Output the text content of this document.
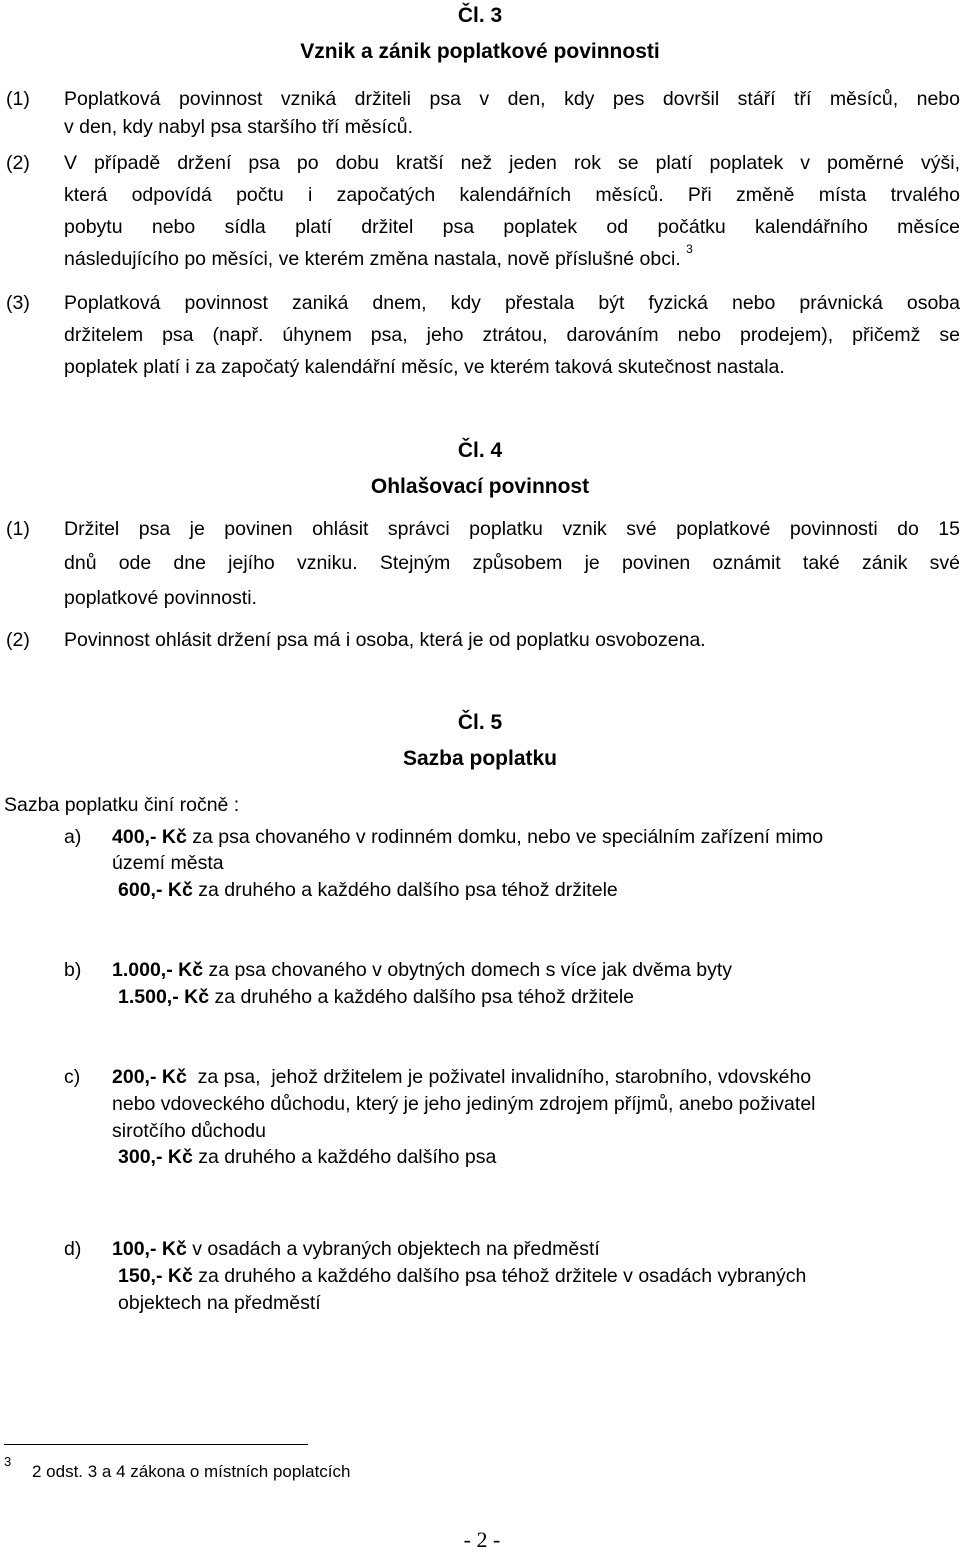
Čl. 3
Vznik a zánik poplatkové povinnosti
(1) Poplatková povinnost vzniká držiteli psa v den, kdy pes dovršil stáří tří měsíců, nebo
v den, kdy nabyl psa staršího tří měsíců.
(2) V případě držení psa po dobu kratší než jeden rok se platí poplatek v poměrné výši,
která odpovídá počtu i započatých kalendářních měsíců. Při změně místa trvalého
pobytu nebo sídla platí držitel psa poplatek od počátku kalendářního měsíce
následujícího po měsíci, ve kterém změna nastala, nově příslušné obci. $^3$
(3) Poplatková povinnost zaniká dnem, kdy přestala být fyzická nebo právnická osoba
držitelem psa (např. úhynem psa, jeho ztrátou, darováním nebo prodejem), přičemž se
poplatek platí i za započatý kalendářní měsíc, ve kterém taková skutečnost nastala.
Čl. 4
Ohlašovací povinnost
(1) Držitel psa je povinen ohlásit správci poplatku vznik své poplatkové povinnosti do 15
dnů ode dne jejího vzniku. Stejným způsobem je povinen oznámit také zánik své
poplatkové povinnosti.
(2) Povinnost ohlásit držení psa má i osoba, která je od poplatku osvobozena.
Čl. 5
Sazba poplatku
Sazba poplatku činí ročně :
a) 400,- Kč za psa chovaného v rodinném domku, nebo ve speciálním zařízení mimo
území města
600,- Kč za druhého a každého dalšího psa téhož držitele
b) 1.000,- Kč za psa chovaného v obytných domech s více jak dvěma byty
1.500,- Kč za druhého a každého dalšího psa téhož držitele
c) 200,- Kč  za psa,  jehož držitelem je poživatel invalidního, starobního, vdovského
nebo vdoveckého důchodu, který je jeho jediným zdrojem příjmů, anebo poživatel
sirotčího důchodu
300,- Kč za druhého a každého dalšího psa
d) 100,- Kč v osadách a vybraných objektech na předměstí
150,- Kč za druhého a každého dalšího psa téhož držitele v osadách vybraných
objektech na předměstí
3
2 odst. 3 a 4 zákona o místních poplatcích
- 2 -
